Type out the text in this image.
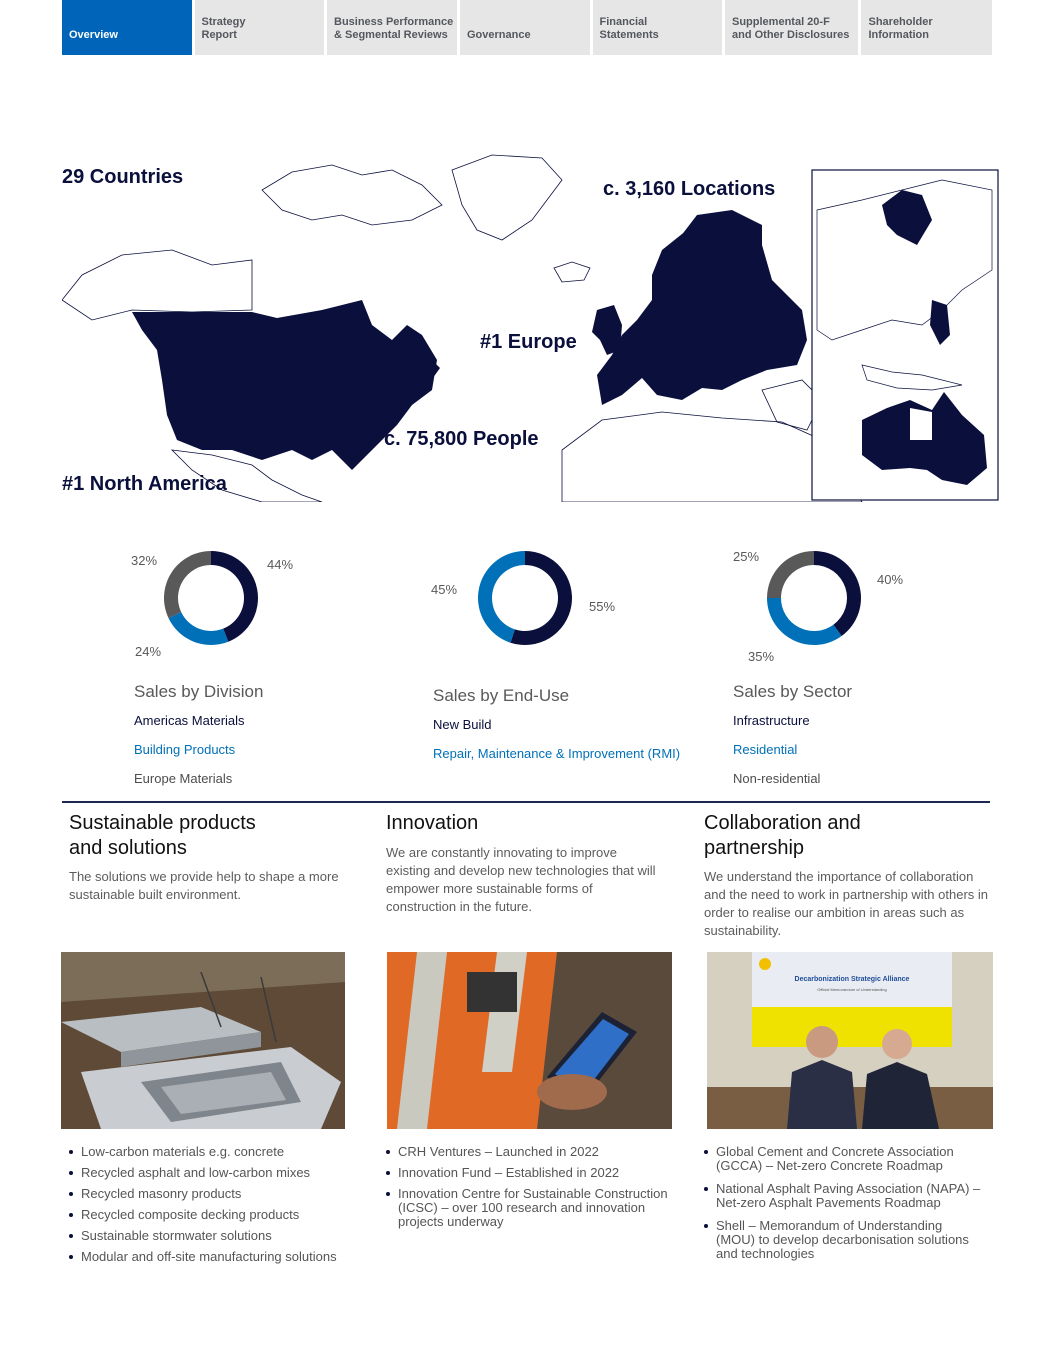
Overview
Strategy
Report
Business Performance
& Segmental Reviews Governance
Financial
Statements
Supplemental 20-F
and Other Disclosures
Shareholder
Information
29 Countries
c. 3,160 Locations
#1 Europe
c. 75,800 People
#1 North America
44%
24%
32%
Sales by Division
Americas Materials
Building Products
Europe Materials
55%
45%
Sales by End-Use
New Build
Repair, Maintenance & Improvement (RMI)
40%
35%
25%
Sales by Sector
Infrastructure
Residential
Non-residential
Sustainable products
and solutions
The solutions we provide help to shape a more sustainable built environment.
Innovation
We are constantly innovating to improve existing and develop new technologies that will empower more sustainable forms of construction in the future.
Collaboration and
partnership
We understand the importance of collaboration and the need to work in partnership with others in order to realise our ambition in areas such as sustainability.
Decarbonization Strategic Alliance
Official Memorandum of Understanding
Low-carbon materials e.g. concrete
Recycled asphalt and low-carbon mixes
Recycled masonry products
Recycled composite decking products
Sustainable stormwater solutions
Modular and off-site manufacturing solutions
CRH Ventures – Launched in 2022
Innovation Fund – Established in 2022
Innovation Centre for Sustainable Construction (ICSC) – over 100 research and innovation projects underway
Global Cement and Concrete Association (GCCA) – Net-zero Concrete Roadmap
National Asphalt Paving Association (NAPA) – Net-zero Asphalt Pavements Roadmap
Shell – Memorandum of Understanding (MOU) to develop decarbonisation solutions and technologies
